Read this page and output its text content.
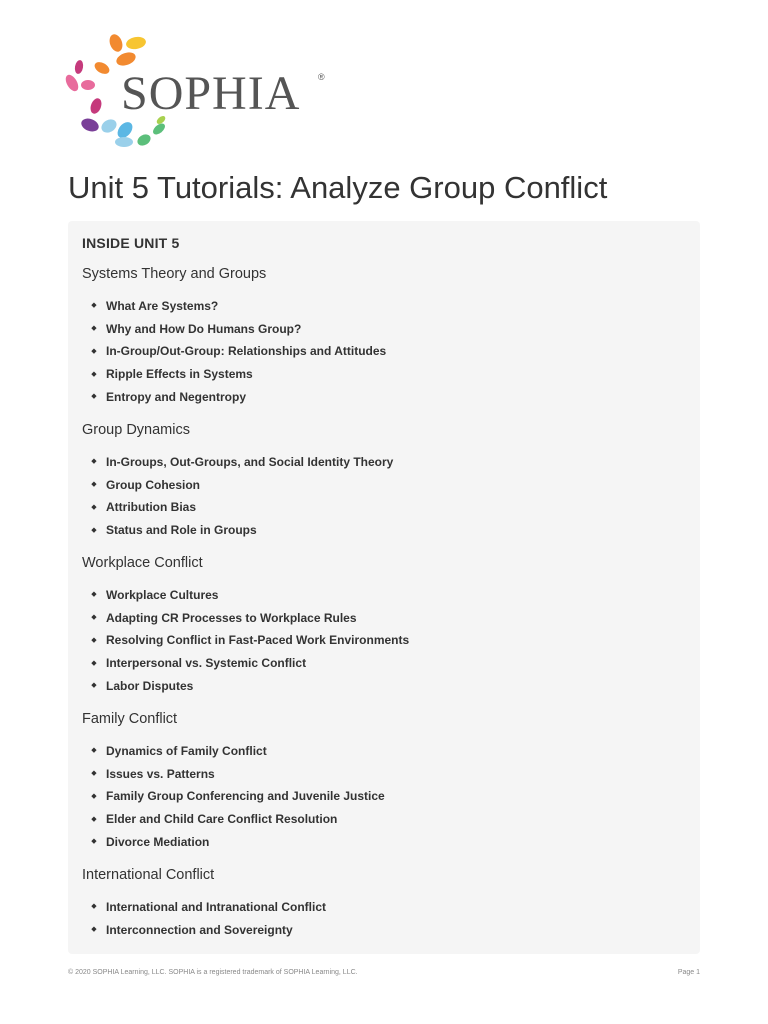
SOPHIA ®
Unit 5 Tutorials: Analyze Group Conflict
INSIDE UNIT 5
Systems Theory and Groups
◆ What Are Systems?
◆ Why and How Do Humans Group?
◆ In-Group/Out-Group: Relationships and Attitudes
◆ Ripple Effects in Systems
◆ Entropy and Negentropy
Group Dynamics
◆ In-Groups, Out-Groups, and Social Identity Theory
◆ Group Cohesion
◆ Attribution Bias
◆ Status and Role in Groups
Workplace Conflict
◆ Workplace Cultures
◆ Adapting CR Processes to Workplace Rules
◆ Resolving Conflict in Fast-Paced Work Environments
◆ Interpersonal vs. Systemic Conflict
◆ Labor Disputes
Family Conflict
◆ Dynamics of Family Conflict
◆ Issues vs. Patterns
◆ Family Group Conferencing and Juvenile Justice
◆ Elder and Child Care Conflict Resolution
◆ Divorce Mediation
International Conflict
◆ International and Intranational Conflict
◆ Interconnection and Sovereignty
© 2020 SOPHIA Learning, LLC. SOPHIA is a registered trademark of SOPHIA Learning, LLC.	Page 1
